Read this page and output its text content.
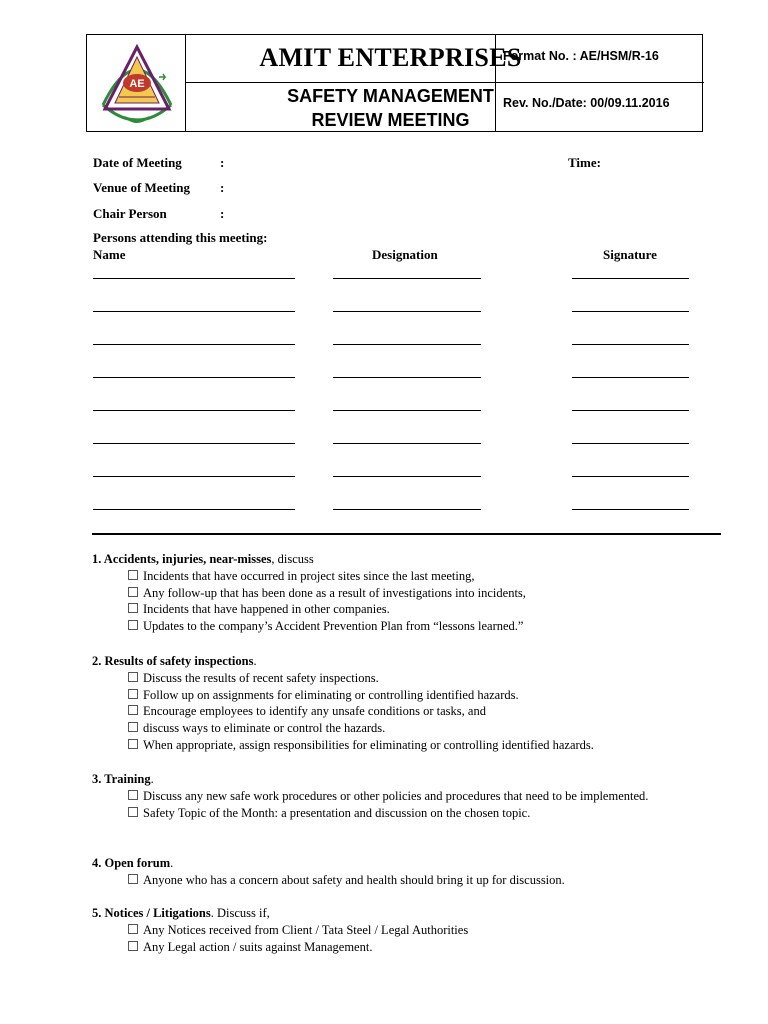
AE
AMIT ENTERPRISES
SAFETY MANAGEMENT
REVIEW MEETING
Format No. : AE/HSM/R-16
Rev. No./Date: 00/09.11.2016
Date of Meeting	:	Time:
Venue of Meeting :
Chair Person	:
Persons attending this meeting:
Name	Designation	Signature
1. Accidents, injuries, near-misses, discuss
Incidents that have occurred in project sites since the last meeting,
Any follow-up that has been done as a result of investigations into incidents,
Incidents that have happened in other companies.
Updates to the company’s Accident Prevention Plan from “lessons learned.”
2. Results of safety inspections.
Discuss the results of recent safety inspections.
Follow up on assignments for eliminating or controlling identified hazards.
Encourage employees to identify any unsafe conditions or tasks, and
discuss ways to eliminate or control the hazards.
When appropriate, assign responsibilities for eliminating or controlling identified hazards.
3. Training.
Discuss any new safe work procedures or other policies and procedures that need to be implemented.
Safety Topic of the Month: a presentation and discussion on the chosen topic.
4. Open forum.
Anyone who has a concern about safety and health should bring it up for discussion.
5. Notices / Litigations. Discuss if,
Any Notices received from Client / Tata Steel / Legal Authorities
Any Legal action / suits against Management.
